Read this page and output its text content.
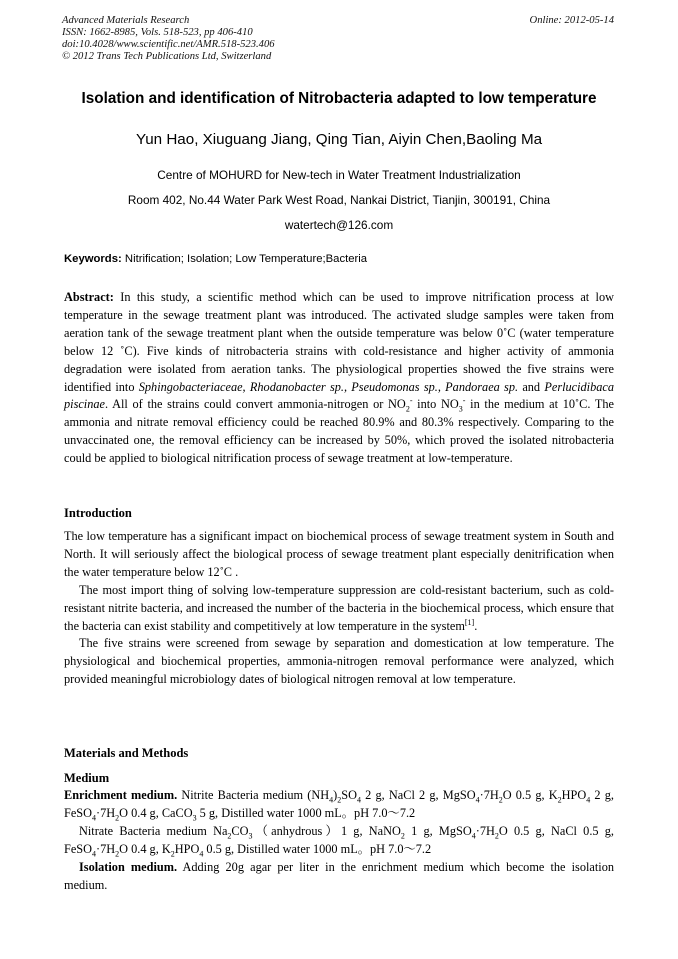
Advanced Materials Research
ISSN: 1662-8985, Vols. 518-523, pp 406-410
doi:10.4028/www.scientific.net/AMR.518-523.406
© 2012 Trans Tech Publications Ltd, Switzerland
Online: 2012-05-14
Isolation and identification of Nitrobacteria adapted to low temperature
Yun Hao, Xiuguang Jiang, Qing Tian, Aiyin Chen,Baoling Ma
Centre of MOHURD for New-tech in Water Treatment Industrialization
Room 402, No.44 Water Park West Road, Nankai District, Tianjin, 300191, China
watertech@126.com
Keywords: Nitrification; Isolation; Low Temperature;Bacteria

Abstract: In this study, a scientific method which can be used to improve nitrification process at low temperature in the sewage treatment plant was introduced. The activated sludge samples were taken from aeration tank of the sewage treatment plant when the outside temperature was below 0˚C (water temperature below 12 ˚C). Five kinds of nitrobacteria strains with cold-resistance and higher activity of ammonia degradation were isolated from aeration tanks. The physiological properties showed the five strains were identified into Sphingobacteriaceae, Rhodanobacter sp., Pseudomonas sp., Pandoraea sp. and Perlucidibaca piscinae. All of the strains could convert ammonia-nitrogen or $NO_2^-$ into $NO_3^-$ in the medium at 10˚C. The ammonia and nitrate removal efficiency could be reached 80.9% and 80.3% respectively. Comparing to the unvaccinated one, the removal efficiency can be increased by 50%, which proved the isolated nitrobacteria could be applied to biological nitrification process of sewage treatment at low-temperature.

Introduction

The low temperature has a significant impact on biochemical process of sewage treatment system in South and North. It will seriously affect the biological process of sewage treatment plant especially denitrification when the water temperature below 12˚C .

The most import thing of solving low-temperature suppression are cold-resistant bacterium, such as cold-resistant nitrite bacteria, and increased the number of the bacteria in the biochemical process, which ensure that the bacteria can exist stability and competitively at low temperature in the system[1].

The five strains were screened from sewage by separation and domestication at low temperature. The physiological and biochemical properties, ammonia-nitrogen removal performance were analyzed, which provided meaningful microbiology dates of biological nitrogen removal at low temperature.

Materials and Methods
Medium

Enrichment medium. Nitrite Bacteria medium $(NH_4)_2SO_4$ 2 g, NaCl 2 g, $MgSO_4\cdot 7H_2O$ 0.5 g, $K_2HPO_4$ 2 g, $FeSO_4\cdot 7H_2O$ 0.4 g, CaCO$_3$ 5 g, Distilled water 1000 mL。pH 7.0～7.2

Nitrate Bacteria medium $Na_2CO_3(anhydrous)1$ g, NaNO$_2$ 1 g, $MgSO_4\cdot 7H_2O$ 0.5 g, NaCl 0.5 g, $FeSO_4\cdot 7H_2O$ 0.4 g, $K_2HPO_4$ 0.5 g, Distilled water 1000 mL。pH 7.0～7.2

Isolation medium. Adding 20g agar per liter in the enrichment medium which become the isolation medium.
